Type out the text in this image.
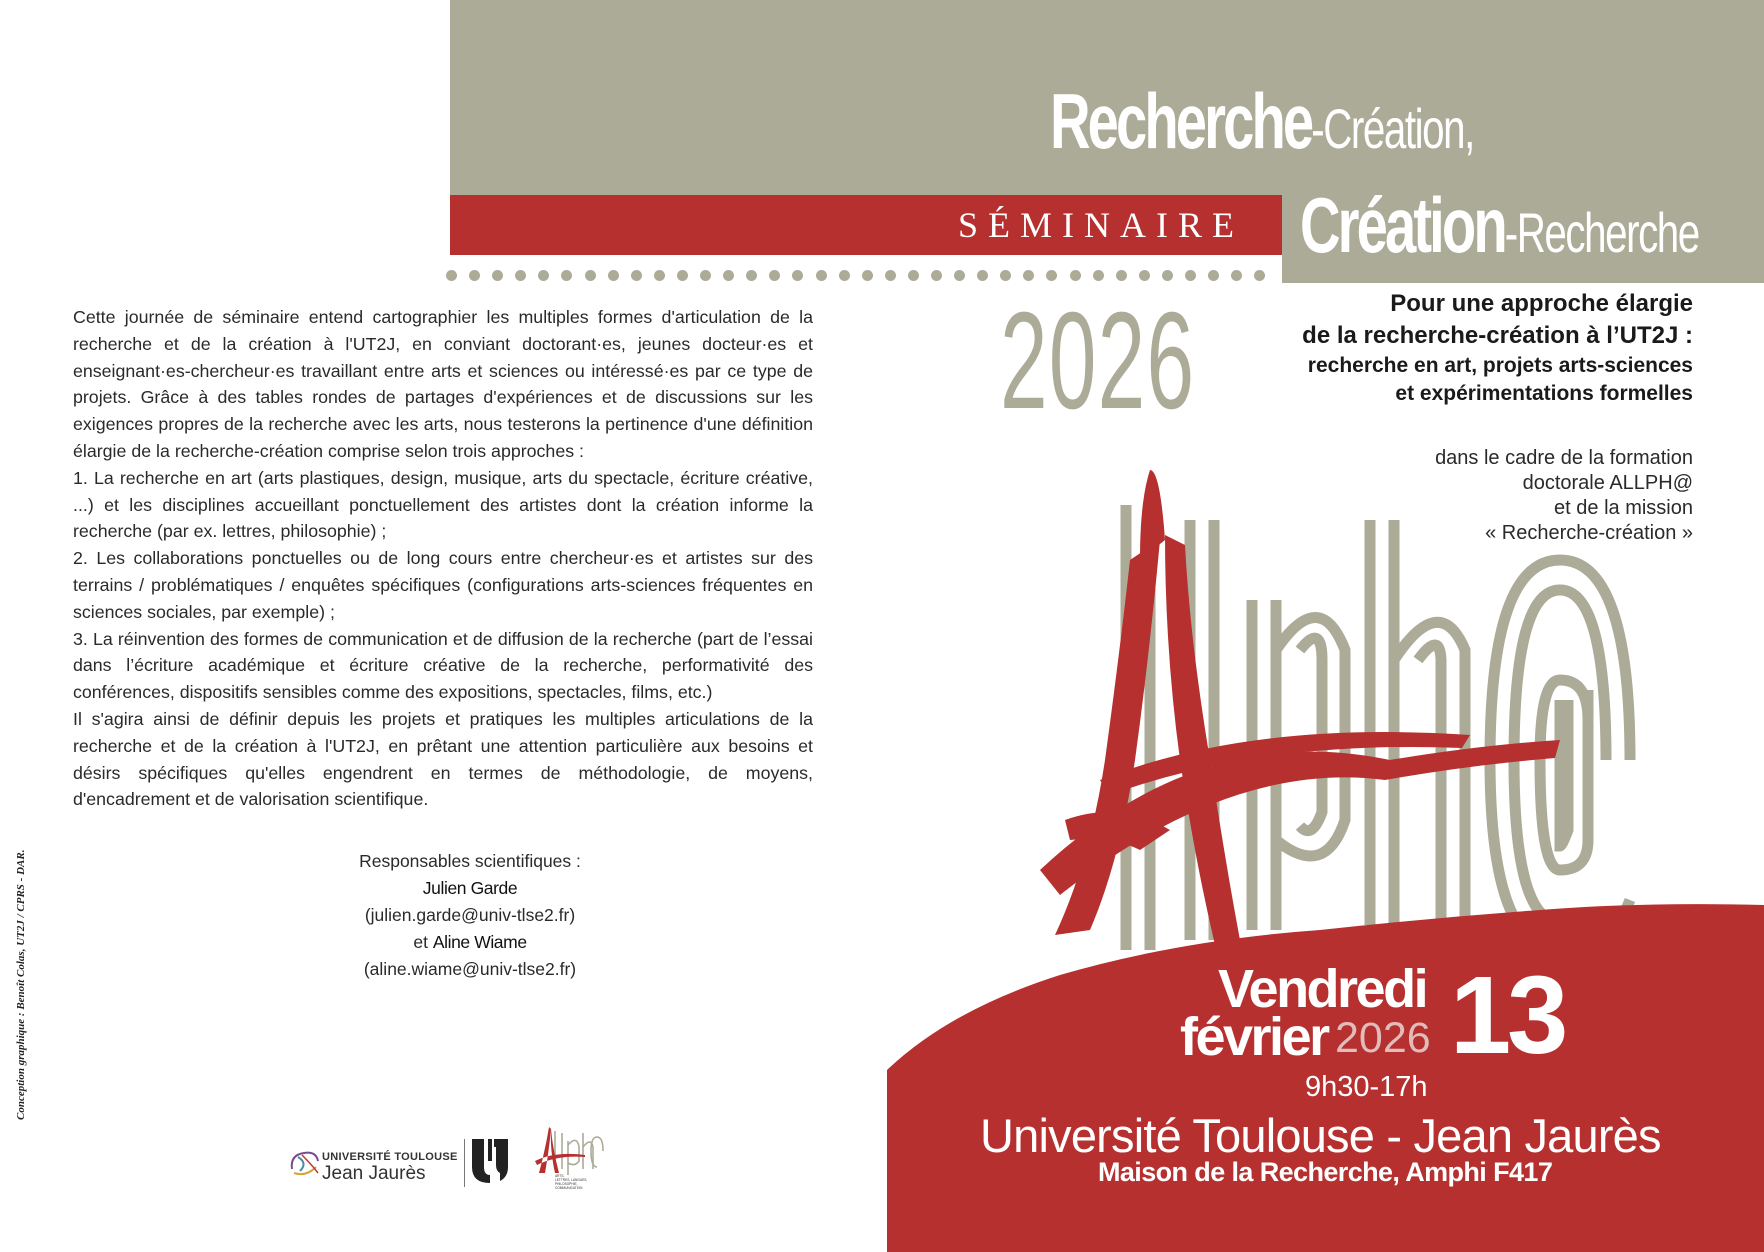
SÉMINAIRE
Recherche-Création,
Création-Recherche
2026	Pour une approche élargie
de la recherche-création à l’UT2J :
recherche en art, projets arts-sciences
et expérimentations formelles
dans le cadre de la formation
doctorale ALLPH@
et de la mission
« Recherche-création »

Cette journée de séminaire entend cartographier les multiples formes d'articulation de la recherche et de la création à l'UT2J, en conviant doctorant·es, jeunes docteur·es et enseignant·es-chercheur·es travaillant entre arts et sciences ou intéressé·es par ce type de projets. Grâce à des tables rondes de partages d'expériences et de discussions sur les exigences propres de la recherche avec les arts, nous testerons la pertinence d'une définition élargie de la recherche-création comprise selon trois approches :

1. La recherche en art (arts plastiques, design, musique, arts du spectacle, écriture créative, ...) et les disciplines accueillant ponctuellement des artistes dont la création informe la recherche (par ex. lettres, philosophie) ;

2. Les collaborations ponctuelles ou de long cours entre chercheur·es et artistes sur des terrains / problématiques / enquêtes spécifiques (configurations arts-sciences fréquentes en sciences sociales, par exemple) ;

3. La réinvention des formes de communication et de diffusion de la recherche (part de l’essai dans l’écriture académique et écriture créative de la recherche, performativité des conférences, dispositifs sensibles comme des expositions, spectacles, films, etc.)

Il s'agira ainsi de définir depuis les projets et pratiques les multiples articulations de la recherche et de la création à l'UT2J, en prêtant une attention particulière aux besoins et désirs spécifiques qu'elles engendrent en termes de méthodologie, de moyens, d'encadrement et de valorisation scientifique.

Responsables scientifiques :
Julien Garde
(julien.garde@univ-tlse2.fr)
et Aline Wiame
(aline.wiame@univ-tlse2.fr)
Conception graphique : Benoît Colas, UT2J / CPRS - DAR.
UNIVERSITÉ TOULOUSE
Jean Jaurès	ARTS,
LETTRES, LANGUES,
PHILOSOPHIE,
COMMUNICATION
Vendredi
février 2026 13
9h30-17h
Université Toulouse - Jean Jaurès
Maison de la Recherche, Amphi F417
